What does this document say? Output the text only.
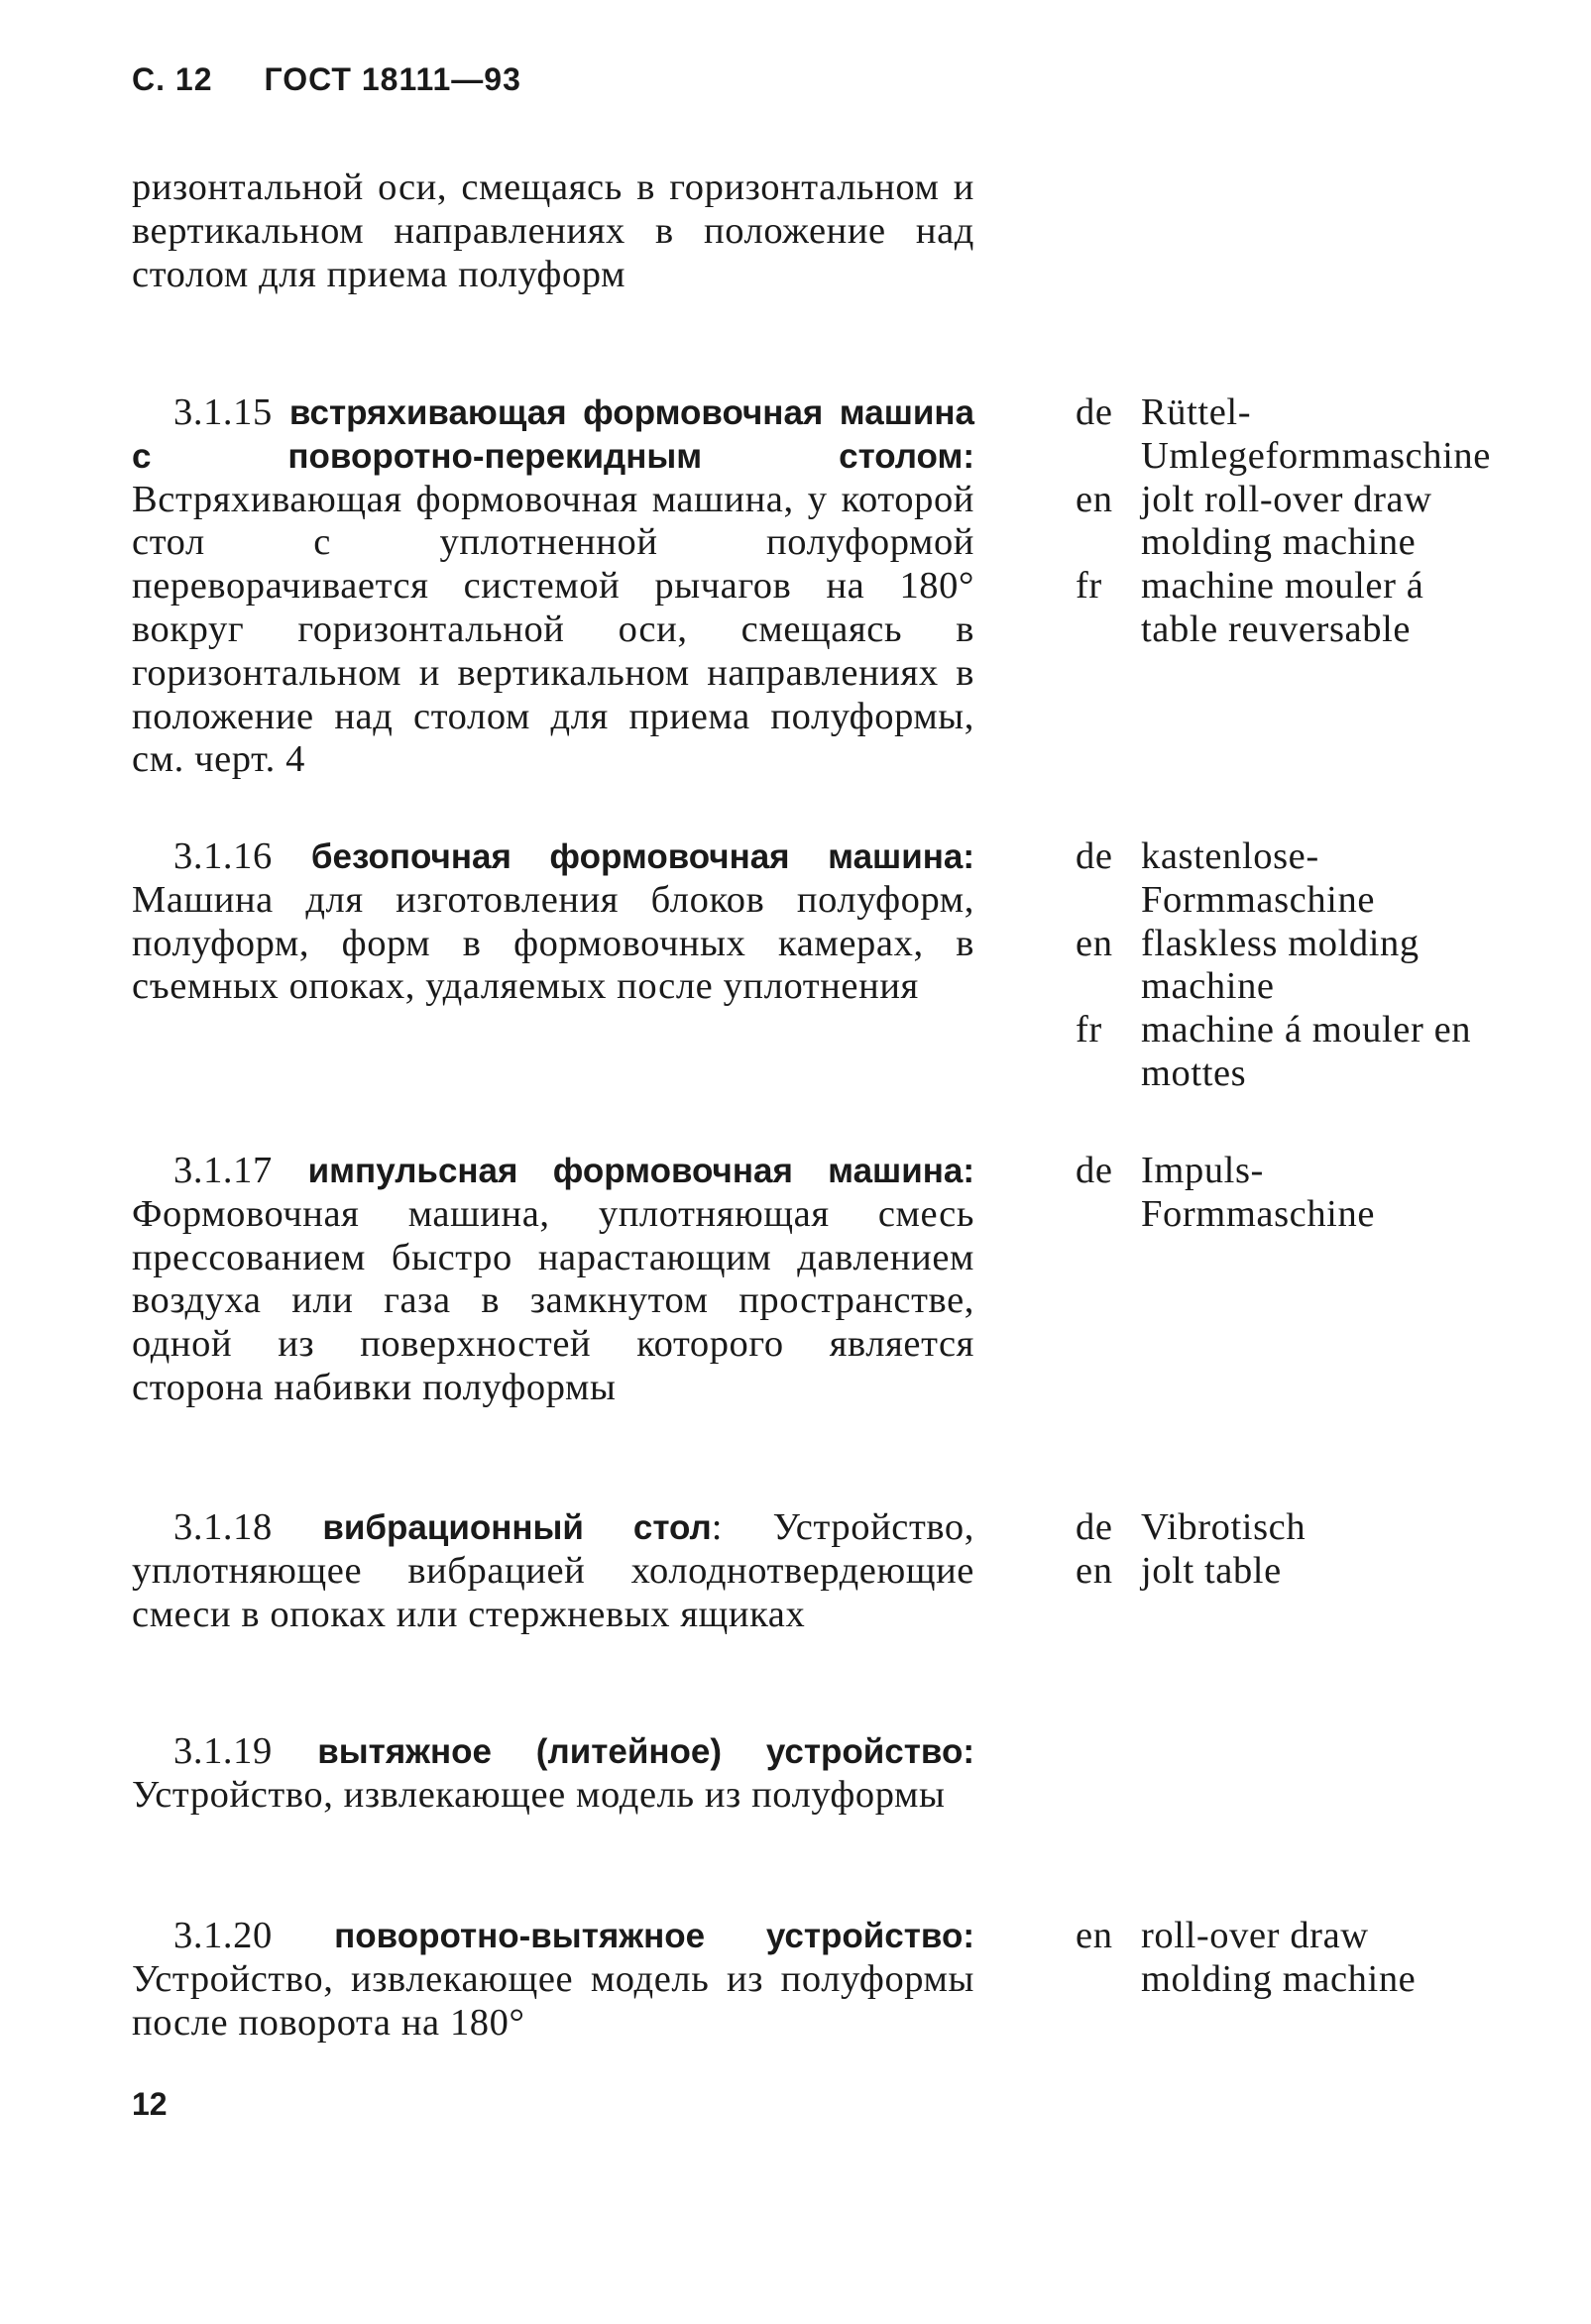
С. 12 ГОСТ 18111—93

ризонтальной оси, смещаясь в горизонтальном и вертикальном направлениях в положение над столом для приема полуформ

3.1.15 встряхивающая формовочная машина с поворотно-перекидным столом: Встряхивающая формовочная машина, у которой стол с уплотненной полуформой переворачивается системой рычагов на 180° вокруг горизонтальной оси, смещаясь в горизонтальном и вертикальном направлениях в положение над столом для приема полуформы, см. черт. 4

de Rüttel-Umlegeformmaschine
en jolt roll-over draw molding machine
fr	machine mouler á table reuversable

3.1.16 безопочная формовочная машина: Машина для изготовления блоков полуформ, полуформ, форм в формовочных камерах, в съемных опоках, удаляемых после уплотнения

de kastenlose-Formmaschine
en flaskless molding machine
fr	machine á mouler en mottes

3.1.17 импульсная формовочная машина: Формовочная машина, уплотняющая смесь прессованием быстро нарастающим давлением воздуха или газа в замкнутом пространстве, одной из поверхностей которого является сторона набивки полуформы

de Impuls-Formmaschine

3.1.18 вибрационный стол: Устройство, уплотняющее вибрацией холоднотвердеющие смеси в опоках или стержневых ящиках

de Vibrotisch
en jolt table

3.1.19 вытяжное (литейное) устройство: Устройство, извлекающее модель из полуформы

3.1.20 поворотно-вытяжное устройство: Устройство, извлекающее модель из полуформы после поворота на 180°

en roll-over draw molding machine
12
